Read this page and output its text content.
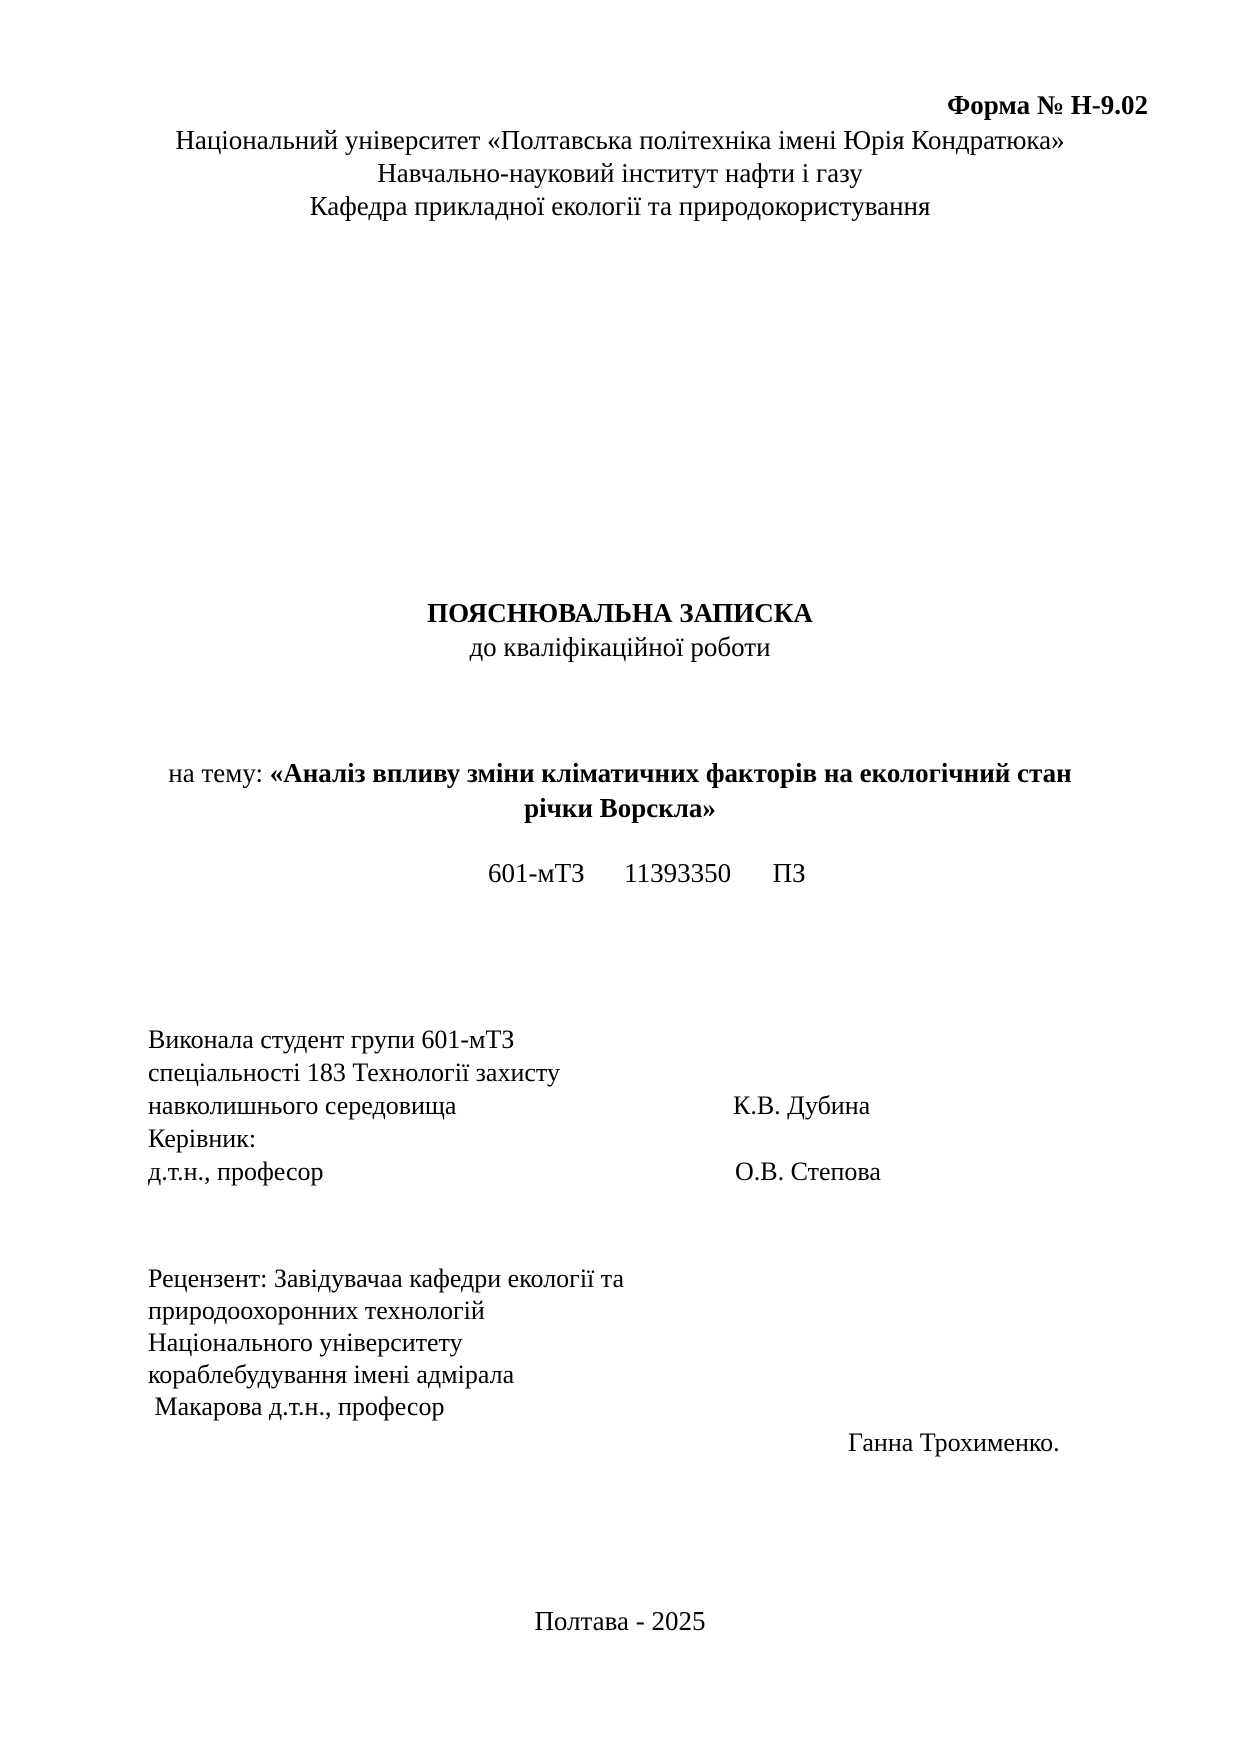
Форма № Н-9.02
Національний університет «Полтавська політехніка імені Юрія Кондратюка»
Навчально-науковий інститут нафти і газу
Кафедра прикладної екології та природокористування
ПОЯСНЮВАЛЬНА ЗАПИСКА
до кваліфікаційної роботи
на тему: «Аналіз впливу зміни кліматичних факторів на екологічний стан
річки Ворскла»
601-мТЗ 11393350 ПЗ
Виконала студент групи 601-мТЗ
спеціальності 183 Технології захисту
навколишнього середовища
Керівник:
д.т.н., професор
К.В. Дубина
О.В. Степова
Рецензент: Завідувачаа кафедри екології та
природоохоронних технологій
Національного університету
кораблебудування імені адмірала
Макарова д.т.н., професор
Ганна Трохименко.
Полтава - 2025
